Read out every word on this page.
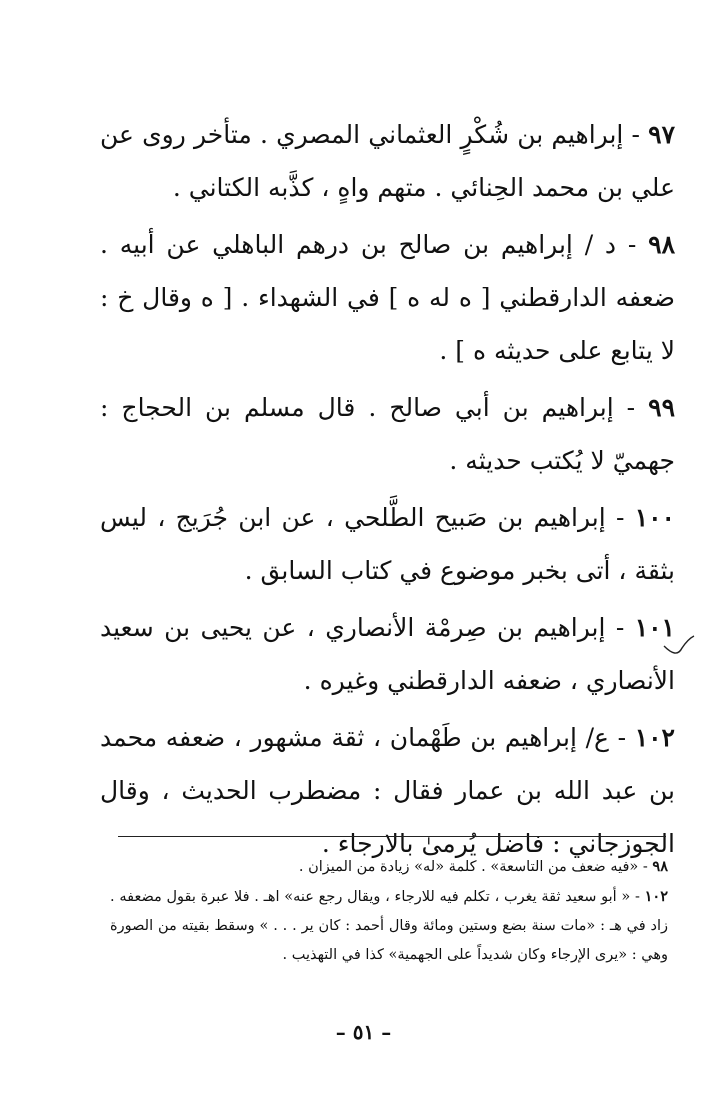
٩٧ - إبراهيم بن شُكْرٍ العثماني المصري . متأخر روى عن علي بن محمد الحِنائي . متهم واهٍ ، كذَّبه الكتاني .

٩٨ - د / إبراهيم بن صالح بن درهم الباهلي عن أبيه . ضعفه الدارقطني [ ه له ه ] في الشهداء . [ ه وقال خ : لا يتابع على حديثه ه ] .

٩٩ - إبراهيم بن أبي صالح . قال مسلم بن الحجاج : جهميّ لا يُكتب حديثه .

١٠٠ - إبراهيم بن صَبيح الطَّلحي ، عن ابن جُرَيج ، ليس بثقة ، أتى بخبر موضوع في كتاب السابق .

١٠١ - إبراهيم بن صِرمْة الأنصاري ، عن يحيى بن سعيد الأنصاري ، ضعفه الدارقطني وغيره .

١٠٢ - ع/ إبراهيم بن طَهْمان ، ثقة مشهور ، ضعفه محمد بن عبد الله بن عمار فقال : مضطرب الحديث ، وقال الجوزجاني : فاضل يُرمىٰ بالارجاء .

٩٨ - «فيه ضعف من التاسعة» . كلمة «له» زيادة من الميزان .

١٠٢ - « أبو سعيد ثقة يغرب ، تكلم فيه للارجاء ، ويقال رجع عنه» اهـ . فلا عبرة بقول مضعفه . زاد في هـ : «مات سنة بضع وستين ومائة وقال أحمد : كان ير . . . » وسقط بقيته من الصورة وهي : «يرى الإرجاء وكان شديداً على الجهمية» كذا في التهذيب .

– ٥١ –
